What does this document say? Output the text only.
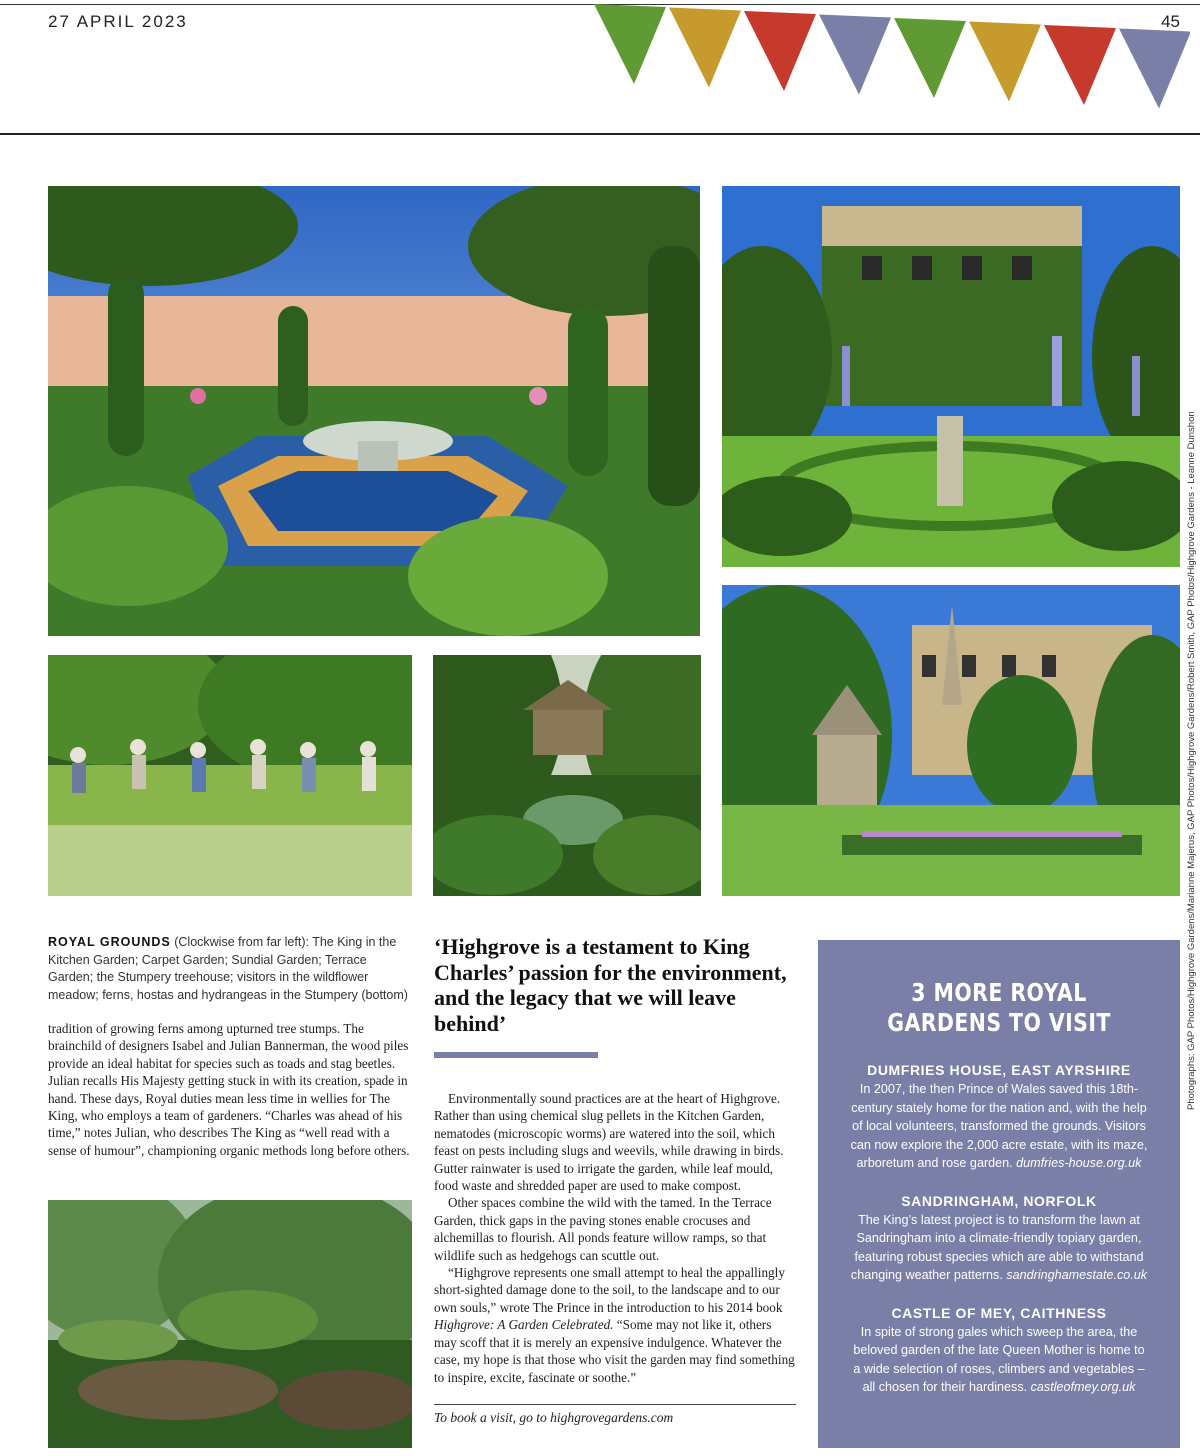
27 APRIL 2023	45
Photographs: GAP Photos/Highgrove Gardens/Marianne Majerus, GAP Photos/Highgrove Gardens/Robert Smith, GAP Photos/Highgrove Gardens - Leanne Dunshon
ROYAL GROUNDS (Clockwise from far left): The King in the Kitchen Garden; Carpet Garden; Sundial Garden; Terrace Garden; the Stumpery treehouse; visitors in the wildflower meadow; ferns, hostas and hydrangeas in the Stumpery (bottom)

tradition of growing ferns among upturned tree stumps. The brainchild of designers Isabel and Julian Bannerman, the wood piles provide an ideal habitat for species such as toads and stag beetles. Julian recalls His Majesty getting stuck in with its creation, spade in hand. These days, Royal duties mean less time in wellies for The King, who employs a team of gardeners. “Charles was ahead of his time,” notes Julian, who describes The King as “well read with a sense of humour”, championing organic methods long before others.

‘Highgrove is a testament to King Charles’ passion for the environment, and the legacy that we will leave behind’

Environmentally sound practices are at the heart of Highgrove. Rather than using chemical slug pellets in the Kitchen Garden, nematodes (microscopic worms) are watered into the soil, which feast on pests including slugs and weevils, while drawing in birds. Gutter rainwater is used to irrigate the garden, while leaf mould, food waste and shredded paper are used to make compost.

Other spaces combine the wild with the tamed. In the Terrace Garden, thick gaps in the paving stones enable crocuses and alchemillas to flourish. All ponds feature willow ramps, so that wildlife such as hedgehogs can scuttle out.

“Highgrove represents one small attempt to heal the appallingly short-sighted damage done to the soil, to the landscape and to our own souls,” wrote The Prince in the introduction to his 2014 book Highgrove: A Garden Celebrated. “Some may not like it, others may scoff that it is merely an expensive indulgence. Whatever the case, my hope is that those who visit the garden may find something to inspire, excite, fascinate or soothe.”

To book a visit, go to highgrovegardens.com
3 MORE ROYAL
GARDENS TO VISIT
DUMFRIES HOUSE, EAST AYRSHIRE
In 2007, the then Prince of Wales saved this 18th-century stately home for the nation and, with the help of local volunteers, transformed the grounds. Visitors can now explore the 2,000 acre estate, with its maze, arboretum and rose garden. dumfries-house.org.uk
SANDRINGHAM, NORFOLK
The King’s latest project is to transform the lawn at Sandringham into a climate-friendly topiary garden, featuring robust species which are able to withstand changing weather patterns. sandringhamestate.co.uk
CASTLE OF MEY, CAITHNESS
In spite of strong gales which sweep the area, the beloved garden of the late Queen Mother is home to a wide selection of roses, climbers and vegetables – all chosen for their hardiness. castleofmey.org.uk
